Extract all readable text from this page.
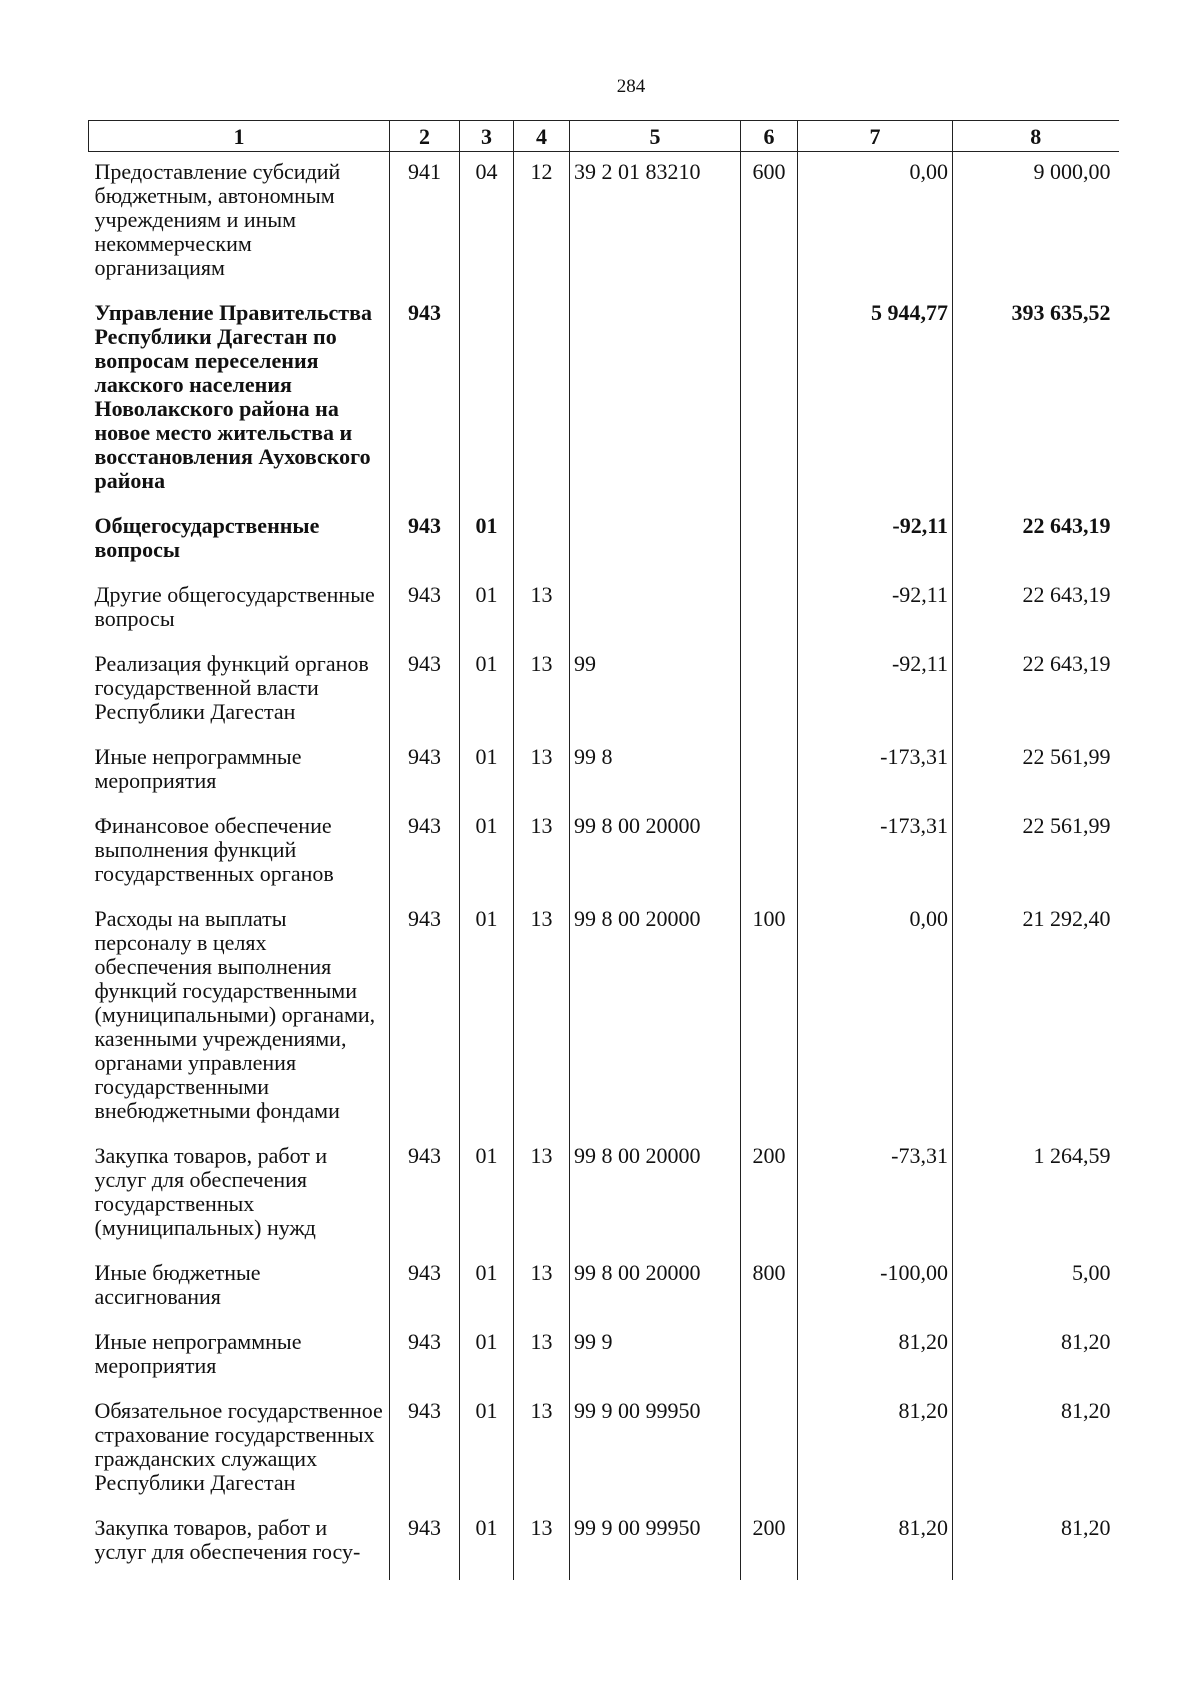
284
1	2	3	4	5	6	7	8
Предоставление субсидий бюджетным, автономным учреждениям и иным некоммерческим организациям	941	04	12	39 2 01 83210	600	0,00	9 000,00
Управление Правительства Республики Дагестан по вопросам переселения лакского населения Новолакского района на новое место жительства и восстановления Ауховского района	943					5 944,77	393 635,52
Общегосударственные вопросы	943	01				-92,11	22 643,19
Другие общегосударственные вопросы	943	01	13			-92,11	22 643,19
Реализация функций органов государственной власти Республики Дагестан	943	01	13	99		-92,11	22 643,19
Иные непрограммные мероприятия	943	01	13	99 8		-173,31	22 561,99
Финансовое обеспечение выполнения функций государственных органов	943	01	13	99 8 00 20000		-173,31	22 561,99
Расходы на выплаты персоналу в целях обеспечения выполнения функций государственными (муниципальными) органами, казенными учреждениями, органами управления государственными внебюджетными фондами	943	01	13	99 8 00 20000	100	0,00	21 292,40
Закупка товаров, работ и услуг для обеспечения государственных (муниципальных) нужд	943	01	13	99 8 00 20000	200	-73,31	1 264,59
Иные бюджетные ассигнования	943	01	13	99 8 00 20000	800	-100,00	5,00
Иные непрограммные мероприятия	943	01	13	99 9		81,20	81,20
Обязательное государственное страхование государственных гражданских служащих Республики Дагестан	943	01	13	99 9 00 99950		81,20	81,20
Закупка товаров, работ и услуг для обеспечения госу-	943	01	13	99 9 00 99950	200	81,20	81,20
